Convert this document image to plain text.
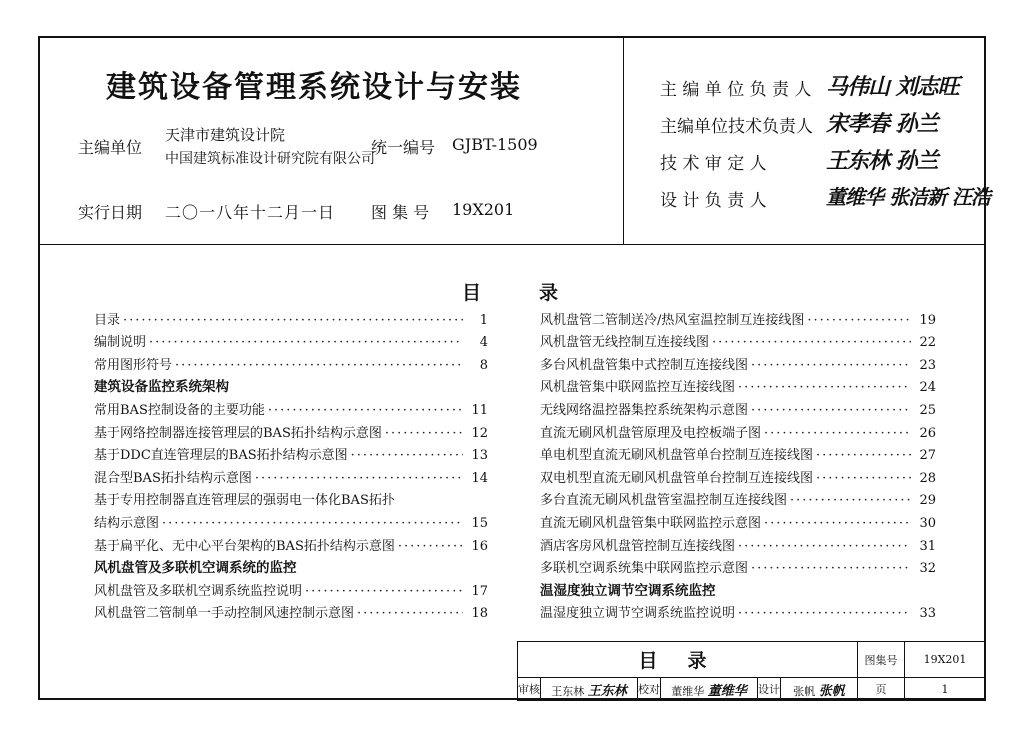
建筑设备管理系统设计与安装
主编单位
天津市建筑设计院
中国建筑标准设计研究院有限公司
统一编号 GJBT-1509
实行日期 二〇一八年十二月一日 图 集 号 19X201
主 编 单 位 负 责 人 马伟山 刘志旺
主编单位技术负责人 宋孝春 孙兰
技 术 审 定 人	王东林 孙兰
设 计 负 责 人	董维华 张洁新 汪浩
目录
目录 ·····	1
编制说明 ·····	4
常用图形符号 ·····	8
建筑设备监控系统架构
常用BAS控制设备的主要功能 ·····	11
基于网络控制器连接管理层的BAS拓扑结构示意图 ·····	12
基于DDC直连管理层的BAS拓扑结构示意图 ·····	13
混合型BAS拓扑结构示意图 ·····	14
基于专用控制器直连管理层的强弱电一体化BAS拓扑
结构示意图 ·····	15
基于扁平化、无中心平台架构的BAS拓扑结构示意图 ·····	16
风机盘管及多联机空调系统的监控
风机盘管及多联机空调系统监控说明 ·····	17
风机盘管二管制单一手动控制风速控制示意图 ·····	18
风机盘管二管制送冷/热风室温控制互连接线图 ·····	19
风机盘管无线控制互连接线图 ·····	22
多台风机盘管集中式控制互连接线图 ·····	23
风机盘管集中联网监控互连接线图 ·····	24
无线网络温控器集控系统架构示意图 ·····	25
直流无刷风机盘管原理及电控板端子图 ·····	26
单电机型直流无刷风机盘管单台控制互连接线图 ·····	27
双电机型直流无刷风机盘管单台控制互连接线图 ·····	28
多台直流无刷风机盘管室温控制互连接线图 ·····	29
直流无刷风机盘管集中联网监控示意图 ·····	30
酒店客房风机盘管控制互连接线图 ·····	31
多联机空调系统集中联网监控示意图 ·····	32
温湿度独立调节空调系统监控
温湿度独立调节空调系统监控说明 ·····	33
目录						图集号	19X201
审核	王东林 王东林	校对	董维华 董维华	设计	张帆 张帆	页	1
